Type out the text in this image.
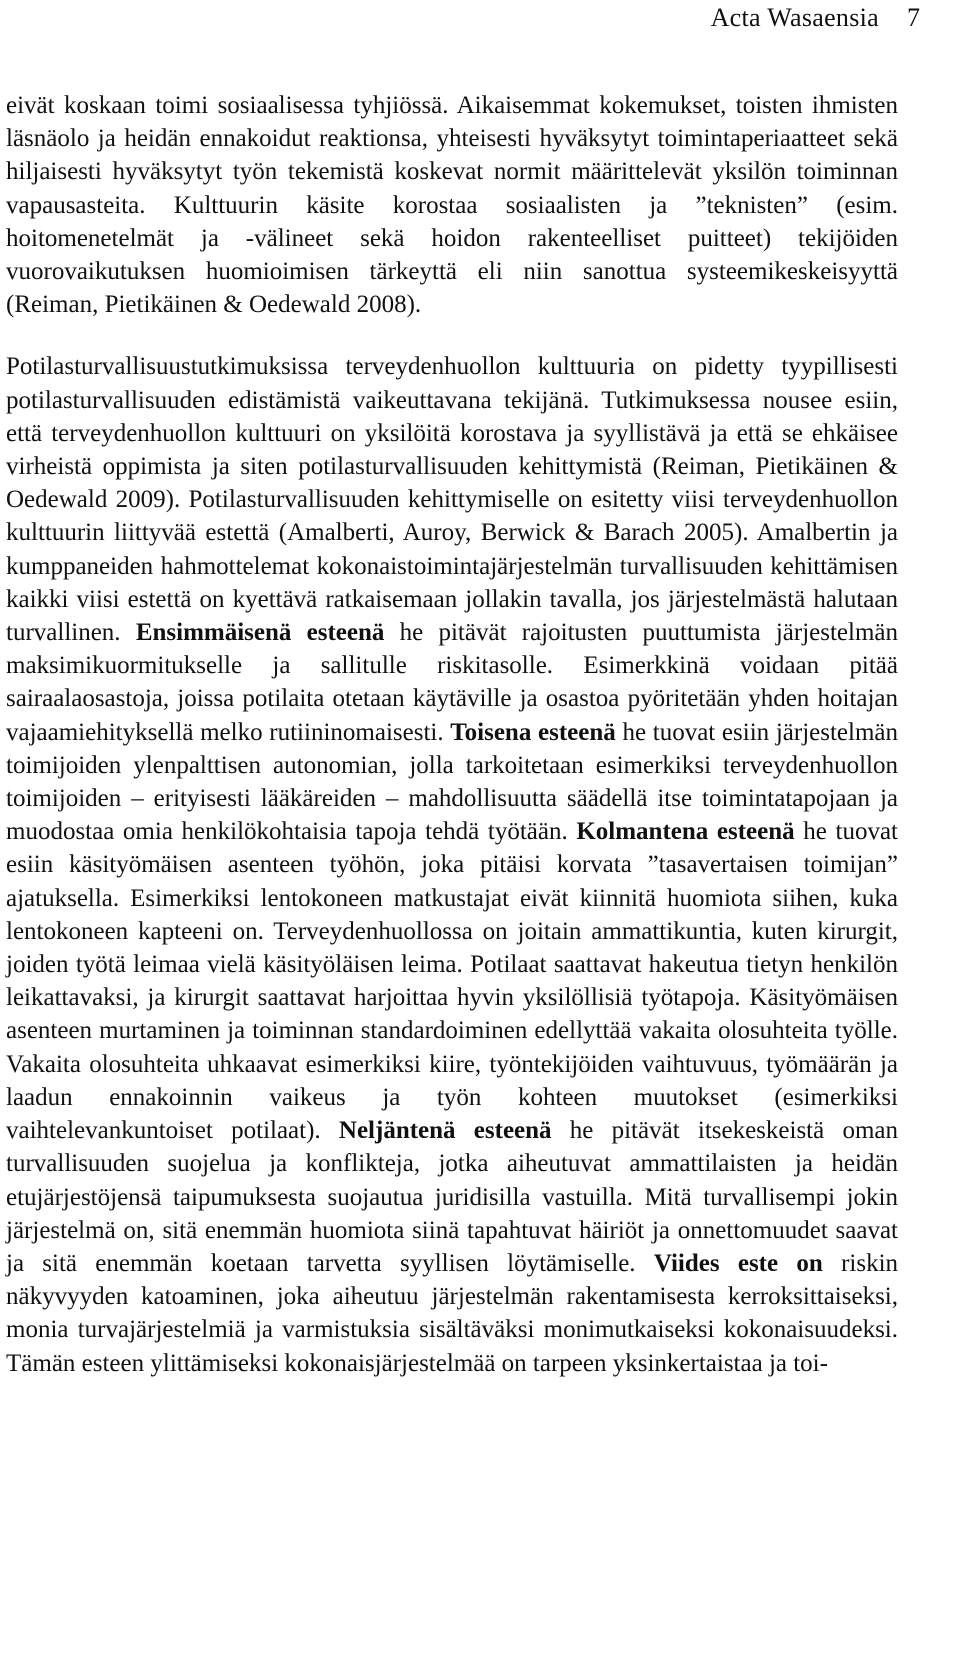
Acta Wasaensia 7

eivät koskaan toimi sosiaalisessa tyhjiössä. Aikaisemmat kokemukset, toisten ihmisten läsnäolo ja heidän ennakoidut reaktionsa, yhteisesti hyväksytyt toimintaperiaatteet sekä hiljaisesti hyväksytyt työn tekemistä koskevat normit määrittelevät yksilön toiminnan vapausasteita. Kulttuurin käsite korostaa sosiaalisten ja ”teknisten” (esim. hoitomenetelmät ja -välineet sekä hoidon rakenteelliset puitteet) tekijöiden vuorovaikutuksen huomioimisen tärkeyttä eli niin sanottua systeemikeskeisyyttä (Reiman, Pietikäinen & Oedewald 2008).

Potilasturvallisuustutkimuksissa terveydenhuollon kulttuuria on pidetty tyypillisesti potilasturvallisuuden edistämistä vaikeuttavana tekijänä. Tutkimuksessa nousee esiin, että terveydenhuollon kulttuuri on yksilöitä korostava ja syyllistävä ja että se ehkäisee virheistä oppimista ja siten potilasturvallisuuden kehittymistä (Reiman, Pietikäinen & Oedewald 2009). Potilasturvallisuuden kehittymiselle on esitetty viisi terveydenhuollon kulttuurin liittyvää estettä (Amalberti, Auroy, Berwick & Barach 2005). Amalbertin ja kumppaneiden hahmottelemat kokonaistoimintajärjestelmän turvallisuuden kehittämisen kaikki viisi estettä on kyettävä ratkaisemaan jollakin tavalla, jos järjestelmästä halutaan turvallinen. Ensimmäisenä esteenä he pitävät rajoitusten puuttumista järjestelmän maksimikuormitukselle ja sallitulle riskitasolle. Esimerkkinä voidaan pitää sairaalaosastoja, joissa potilaita otetaan käytäville ja osastoa pyöritetään yhden hoitajan vajaamiehityksellä melko rutiininomaisesti. Toisena esteenä he tuovat esiin järjestelmän toimijoiden ylenpalttisen autonomian, jolla tarkoitetaan esimerkiksi terveydenhuollon toimijoiden – erityisesti lääkäreiden – mahdollisuutta säädellä itse toimintatapojaan ja muodostaa omia henkilökohtaisia tapoja tehdä työtään. Kolmantena esteenä he tuovat esiin käsityömäisen asenteen työhön, joka pitäisi korvata ”tasavertaisen toimijan” ajatuksella. Esimerkiksi lentokoneen matkustajat eivät kiinnitä huomiota siihen, kuka lentokoneen kapteeni on. Terveydenhuollossa on joitain ammattikuntia, kuten kirurgit, joiden työtä leimaa vielä käsityöläisen leima. Potilaat saattavat hakeutua tietyn henkilön leikattavaksi, ja kirurgit saattavat harjoittaa hyvin yksilöllisiä työtapoja. Käsityömäisen asenteen murtaminen ja toiminnan standardoiminen edellyttää vakaita olosuhteita työlle. Vakaita olosuhteita uhkaavat esimerkiksi kiire, työntekijöiden vaihtuvuus, työmäärän ja laadun ennakoinnin vaikeus ja työn kohteen muutokset (esimerkiksi vaihtelevankuntoiset potilaat). Neljäntenä esteenä he pitävät itsekeskeistä oman turvallisuuden suojelua ja konflikteja, jotka aiheutuvat ammattilaisten ja heidän etujärjestöjensä taipumuksesta suojautua juridisilla vastuilla. Mitä turvallisempi jokin järjestelmä on, sitä enemmän huomiota siinä tapahtuvat häiriöt ja onnettomuudet saavat ja sitä enemmän koetaan tarvetta syyllisen löytämiselle. Viides este on riskin näkyvyyden katoaminen, joka aiheutuu järjestelmän rakentamisesta kerroksittaiseksi, monia turvajärjestelmiä ja varmistuksia sisältäväksi monimutkaiseksi kokonaisuudeksi. Tämän esteen ylittämiseksi kokonaisjärjestelmää on tarpeen yksinkertaistaa ja toi-
